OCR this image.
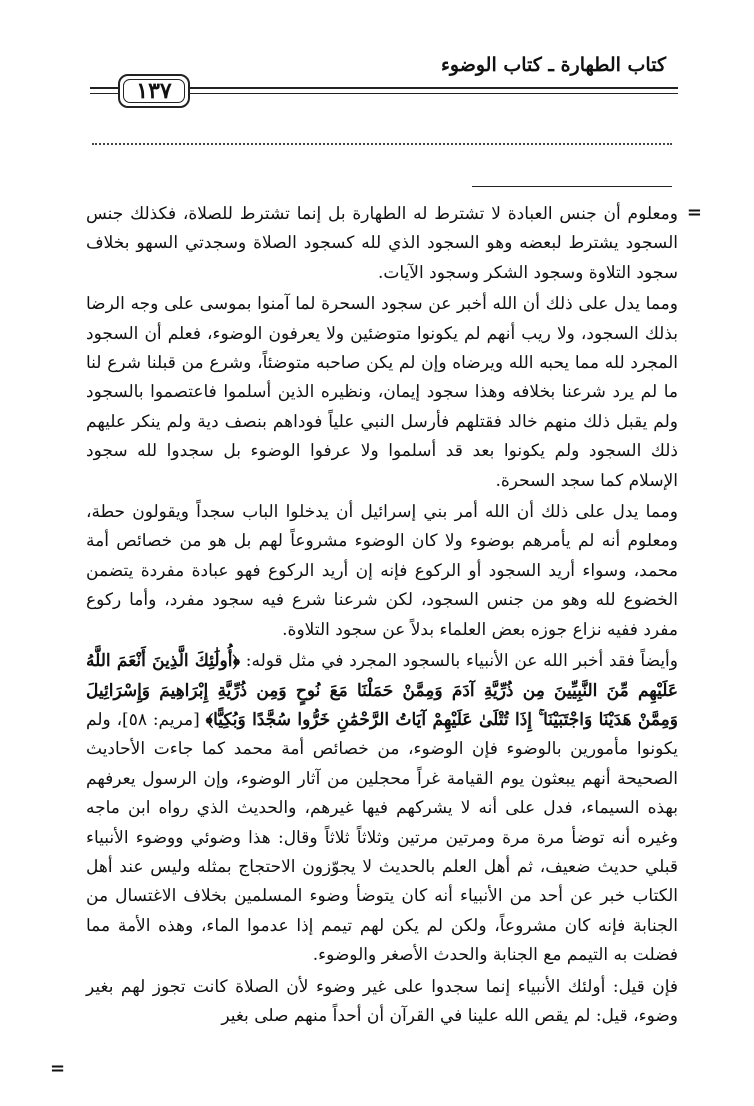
كتاب الطهارة ـ كتاب الوضوء
١٣٧
=

ومعلوم أن جنس العبادة لا تشترط له الطهارة بل إنما تشترط للصلاة، فكذلك جنس السجود يشترط لبعضه وهو السجود الذي لله كسجود الصلاة وسجدتي السهو بخلاف سجود التلاوة وسجود الشكر وسجود الآيات.

ومما يدل على ذلك أن الله أخبر عن سجود السحرة لما آمنوا بموسى على وجه الرضا بذلك السجود، ولا ريب أنهم لم يكونوا متوضئين ولا يعرفون الوضوء، فعلم أن السجود المجرد لله مما يحبه الله ويرضاه وإن لم يكن صاحبه متوضئاً، وشرع من قبلنا شرع لنا ما لم يرد شرعنا بخلافه وهذا سجود إيمان، ونظيره الذين أسلموا فاعتصموا بالسجود ولم يقبل ذلك منهم خالد فقتلهم فأرسل النبي علياً فوداهم بنصف دية ولم ينكر عليهم ذلك السجود ولم يكونوا بعد قد أسلموا ولا عرفوا الوضوء بل سجدوا لله سجود الإسلام كما سجد السحرة.

ومما يدل على ذلك أن الله أمر بني إسرائيل أن يدخلوا الباب سجداً ويقولون حطة، ومعلوم أنه لم يأمرهم بوضوء ولا كان الوضوء مشروعاً لهم بل هو من خصائص أمة محمد، وسواء أريد السجود أو الركوع فإنه إن أريد الركوع فهو عبادة مفردة يتضمن الخضوع لله وهو من جنس السجود، لكن شرعنا شرع فيه سجود مفرد، وأما ركوع مفرد ففيه نزاع جوزه بعض العلماء بدلاً عن سجود التلاوة.

وأيضاً فقد أخبر الله عن الأنبياء بالسجود المجرد في مثل قوله: ﴿أُولَٰئِكَ الَّذِينَ أَنْعَمَ اللَّهُ عَلَيْهِم مِّنَ النَّبِيِّينَ مِن ذُرِّيَّةِ آدَمَ وَمِمَّنْ حَمَلْنَا مَعَ نُوحٍ وَمِن ذُرِّيَّةِ إِبْرَاهِيمَ وَإِسْرَائِيلَ وَمِمَّنْ هَدَيْنَا وَاجْتَبَيْنَا ۚ إِذَا تُتْلَىٰ عَلَيْهِمْ آيَاتُ الرَّحْمَٰنِ خَرُّوا سُجَّدًا وَبُكِيًّا﴾ [مريم: ٥٨]، ولم يكونوا مأمورين بالوضوء فإن الوضوء، من خصائص أمة محمد كما جاءت الأحاديث الصحيحة أنهم يبعثون يوم القيامة غراً محجلين من آثار الوضوء، وإن الرسول يعرفهم بهذه السيماء، فدل على أنه لا يشركهم فيها غيرهم، والحديث الذي رواه ابن ماجه وغيره أنه توضأ مرة مرة ومرتين مرتين وثلاثاً ثلاثاً وقال: هذا وضوئي ووضوء الأنبياء قبلي حديث ضعيف، ثم أهل العلم بالحديث لا يجوّزون الاحتجاج بمثله وليس عند أهل الكتاب خبر عن أحد من الأنبياء أنه كان يتوضأ وضوء المسلمين بخلاف الاغتسال من الجنابة فإنه كان مشروعاً، ولكن لم يكن لهم تيمم إذا عدموا الماء، وهذه الأمة مما فضلت به التيمم مع الجنابة والحدث الأصغر والوضوء.

فإن قيل: أولئك الأنبياء إنما سجدوا على غير وضوء لأن الصلاة كانت تجوز لهم بغير وضوء، قيل: لم يقص الله علينا في القرآن أن أحداً منهم صلى بغير

=
